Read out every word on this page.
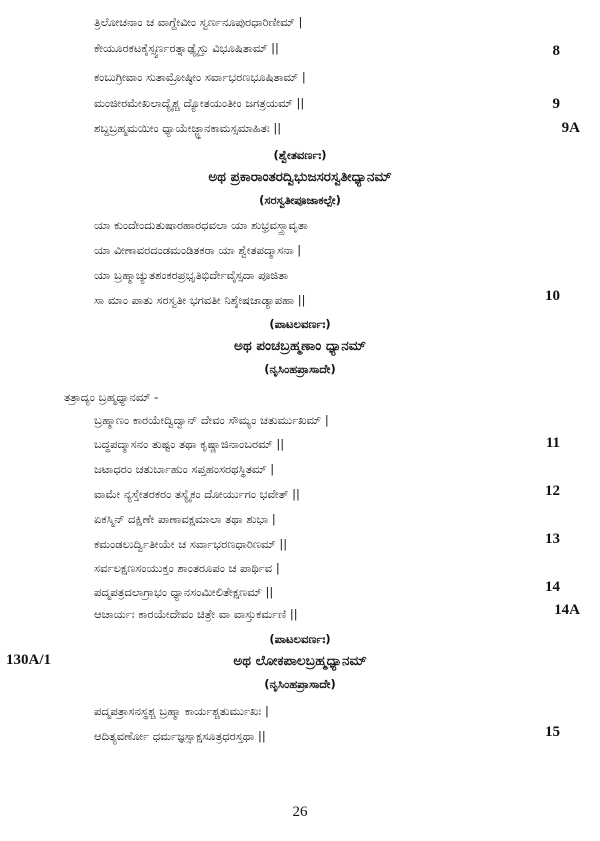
ತ್ರಿಲೋಚನಾಂ ಚ ವಾಗ್ದೇವೀಂ ಸ್ವರ್ಣನೂಪುರಧಾರಿಣೀಮ್ |
ಕೇಯೂರಕಟಕೈಸ್ಸ್ವರ್ಣರತ್ನಾಢ್ಯೈಸ್ತು ವಿಭೂಷಿತಾಮ್ ||	8
ಕಂಬುಗ್ರೀವಾಂ ಸುತಾಮ್ರೋಷ್ಠೀಂ ಸರ್ವಾಭರಣಭೂಷಿತಾಮ್ |
ಮಂಜೀರಮೇಖಲಾದ್ಯೈಶ್ಚ ದ್ಯೋತಯಂತೀಂ ಜಗತ್ರಯಮ್ ||	9
ಶಬ್ದಬ್ರಹ್ಮಮಯೀಂ ಧ್ಯಾಯೇಜ್ಜ್ಞಾನಕಾಮಸ್ಸಮಾಹಿತಃ ||	9A
(ಶ್ವೇತವರ್ಣಃ)
ಅಥ ಪ್ರಕಾರಾಂತರದ್ವಿಭುಜಸರಸ್ವತೀಧ್ಯಾನಮ್
(ಸರಸ್ವತೀಪೂಜಾಕಲ್ಪೇ)
ಯಾ ಕುಂದೇಂದುತುಷಾರಹಾರಧವಲಾ ಯಾ ಶುಭ್ರವಸ್ತ್ರಾವೃತಾ
ಯಾ ವೀಣಾವರದಂಡಮಂಡಿತಕರಾ ಯಾ ಶ್ವೇತಪದ್ಮಾಸನಾ |
ಯಾ ಬ್ರಹ್ಮಾಚ್ಯುತಶಂಕರಪ್ರಭೃತಿಭಿರ್ದೇವೈಸ್ಸದಾ ಪೂಜಿತಾ
ಸಾ ಮಾಂ ಪಾತು ಸರಸ್ವತೀ ಭಗವತೀ ನಿಶ್ಶೇಷಜಾಡ್ಯಾಪಹಾ ||	10
(ಪಾಟಲವರ್ಣಃ)
ಅಥ ಪಂಚಬ್ರಹ್ಮಣಾಂ ಧ್ಯಾನಮ್
(ನೃಸಿಂಹಪ್ರಾಸಾದೇ)
ತತ್ರಾದ್ಯಂ ಬ್ರಹ್ಮಧ್ಯಾನಮ್ -
ಬ್ರಹ್ಮಾಣಂ ಕಾರಯೇದ್ವಿದ್ವಾನ್ ದೇವಂ ಸೌಮ್ಯಂ ಚತುರ್ಮುಖಮ್ |
ಬದ್ಧಪದ್ಮಾಸನಂ ತುಷ್ಟಂ ತಥಾ ಕೃಷ್ಣಾಜಿನಾಂಬರಮ್ ||	11
ಜಟಾಧರಂ ಚತುರ್ಬಾಹುಂ ಸಪ್ತಹಂಸರಥಸ್ಥಿತಮ್ |
ವಾಮೇ ನ್ಯಸ್ತೇತರಕರಂ ತಸ್ಯೈಕಂ ದೋರ್ಯುಗಂ ಭವೇತ್ ||	12
ಏಕಸ್ಮಿನ್ ದಕ್ಷಿಣೇ ಪಾಣಾವಕ್ಷಮಾಲಾ ತಥಾ ಶುಭಾ |
ಕಮಂಡಲುರ್ದ್ವಿತೀಯೇ ಚ ಸರ್ವಾಭರಣಧಾರಿಣಮ್ ||	13
ಸರ್ವಲಕ್ಷಣಸಂಯುಕ್ತಂ ಶಾಂತರೂಪಂ ಚ ಪಾರ್ಥಿವ |
ಪದ್ಮಪತ್ರದಲಾಗ್ರಾಭಂ ಧ್ಯಾನಸಂಮೀಲಿತೇಕ್ಷಣಮ್ ||	14
ಆಚಾರ್ಯಃ ಕಾರಯೇದೇವಂ ಚಿತ್ರೇ ವಾ ವಾಸ್ತುಕರ್ಮಣಿ ||	14A
(ಪಾಟಲವರ್ಣಃ)
130A/1	ಅಥ ಲೋಕಪಾಲಬ್ರಹ್ಮಧ್ಯಾನಮ್
(ನೃಸಿಂಹಪ್ರಾಸಾದೇ)
ಪದ್ಮಪತ್ರಾಸನಸ್ಥಶ್ಚ ಬ್ರಹ್ಮಾ ಕಾರ್ಯಶ್ಚತುರ್ಮುಖಃ |
ಆದಿತ್ಯವರ್ಣೋ ಧರ್ಮಜ್ಞಸ್ಸಾಕ್ಷಸೂತ್ರಧರಸ್ತಥಾ ||	15
26
